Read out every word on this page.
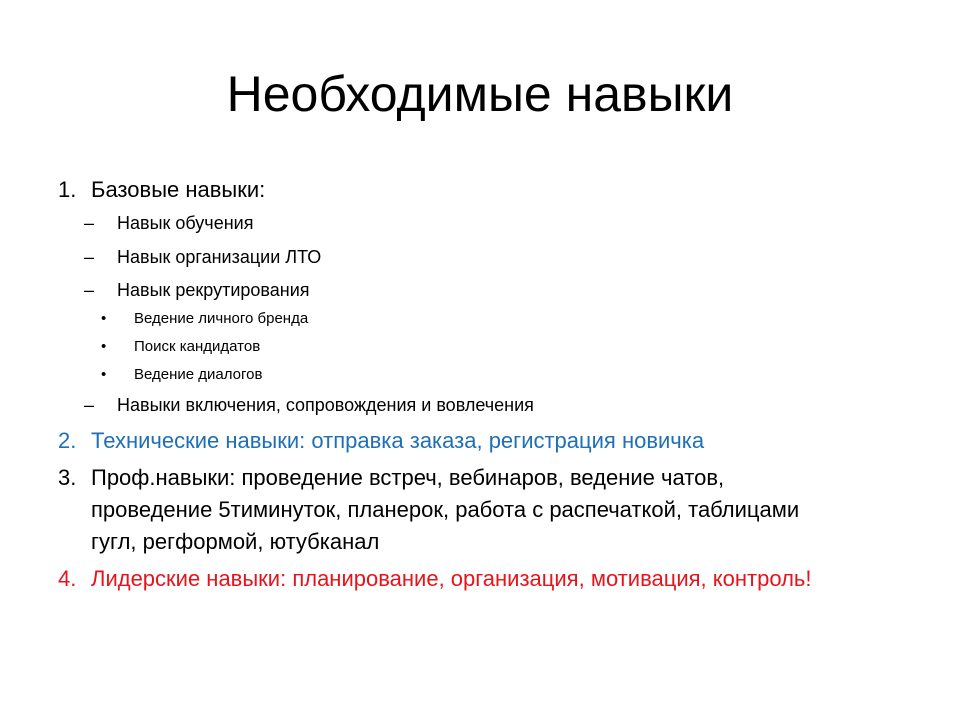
Необходимые навыки
1. Базовые навыки:
– Навык обучения
– Навык организации ЛТО
– Навык рекрутирования
• Ведение личного бренда
• Поиск кандидатов
• Ведение диалогов
– Навыки включения, сопровождения и вовлечения
2. Технические навыки: отправка заказа, регистрация новичка
3. Проф.навыки: проведение встреч, вебинаров, ведение чатов,
проведение 5тиминуток, планерок, работа с распечаткой, таблицами
гугл, регформой, ютубканал
4. Лидерские навыки: планирование, организация, мотивация, контроль!
